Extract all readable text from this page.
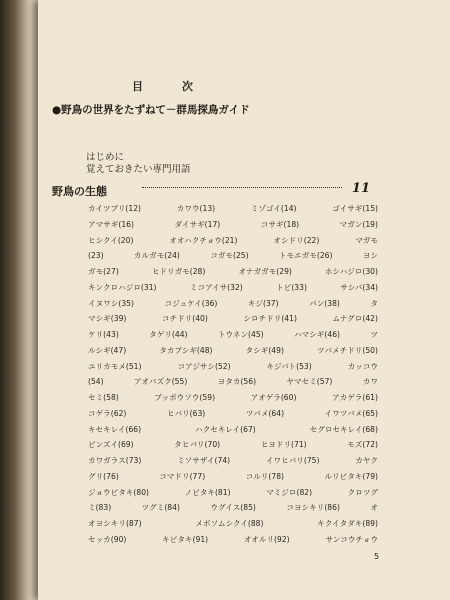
目　次
●野鳥の世界をたずねて－群馬探鳥ガイド
はじめに
覚えておきたい専門用語
野鳥の生態	11
カイツブリ(12)	カワウ(13)	ミゾゴイ(14)	ゴイサギ(15)
アマサギ(16)	ダイサギ(17)	コサギ(18)	マガン(19)
ヒシクイ(20)	オオハクチョウ(21)	オシドリ(22)	マガモ
(23)	カルガモ(24)	コガモ(25)	トモエガモ(26)	ヨシ
ガモ(27)	ヒドリガモ(28)	オナガガモ(29)	ホシハジロ(30)
キンクロハジロ(31)	ミコアイサ(32)	トビ(33)	サシバ(34)
イヌワシ(35)	コジュケイ(36)	キジ(37)	バン(38)	タ
マシギ(39)	コチドリ(40)	シロチドリ(41)	ムナグロ(42)
ケリ(43)	タゲリ(44)	トウネン(45)	ハマシギ(46)	ツ
ルシギ(47)	タカブシギ(48)	タシギ(49)	ツバメチドリ(50)
ユリカモメ(51)	コアジサシ(52)	キジバト(53)	カッコウ
(54)	アオバズク(55)	ヨタカ(56)	ヤマセミ(57)	カワ
セミ(58)	ブッポウソウ(59)	アオゲラ(60)	アカゲラ(61)
コゲラ(62)	ヒバリ(63)	ツバメ(64)	イワツバメ(65)
キセキレイ(66)	ハクセキレイ(67)	セグロセキレイ(68)
ビンズイ(69)	タヒバリ(70)	ヒヨドリ(71)	モズ(72)
カワガラス(73)	ミソサザイ(74)	イワヒバリ(75)	カヤク
グリ(76)	コマドリ(77)	コルリ(78)	ルリビタキ(79)
ジョウビタキ(80)	ノビタキ(81)	マミジロ(82)	クロツグ
ミ(83)	ツグミ(84)	ウグイス(85)	コヨシキリ(86)	オ
オヨシキリ(87)	メボソムシクイ(88)	キクイタダキ(89)
セッカ(90)	キビタキ(91)	オオルリ(92)	サンコウチョウ
5
